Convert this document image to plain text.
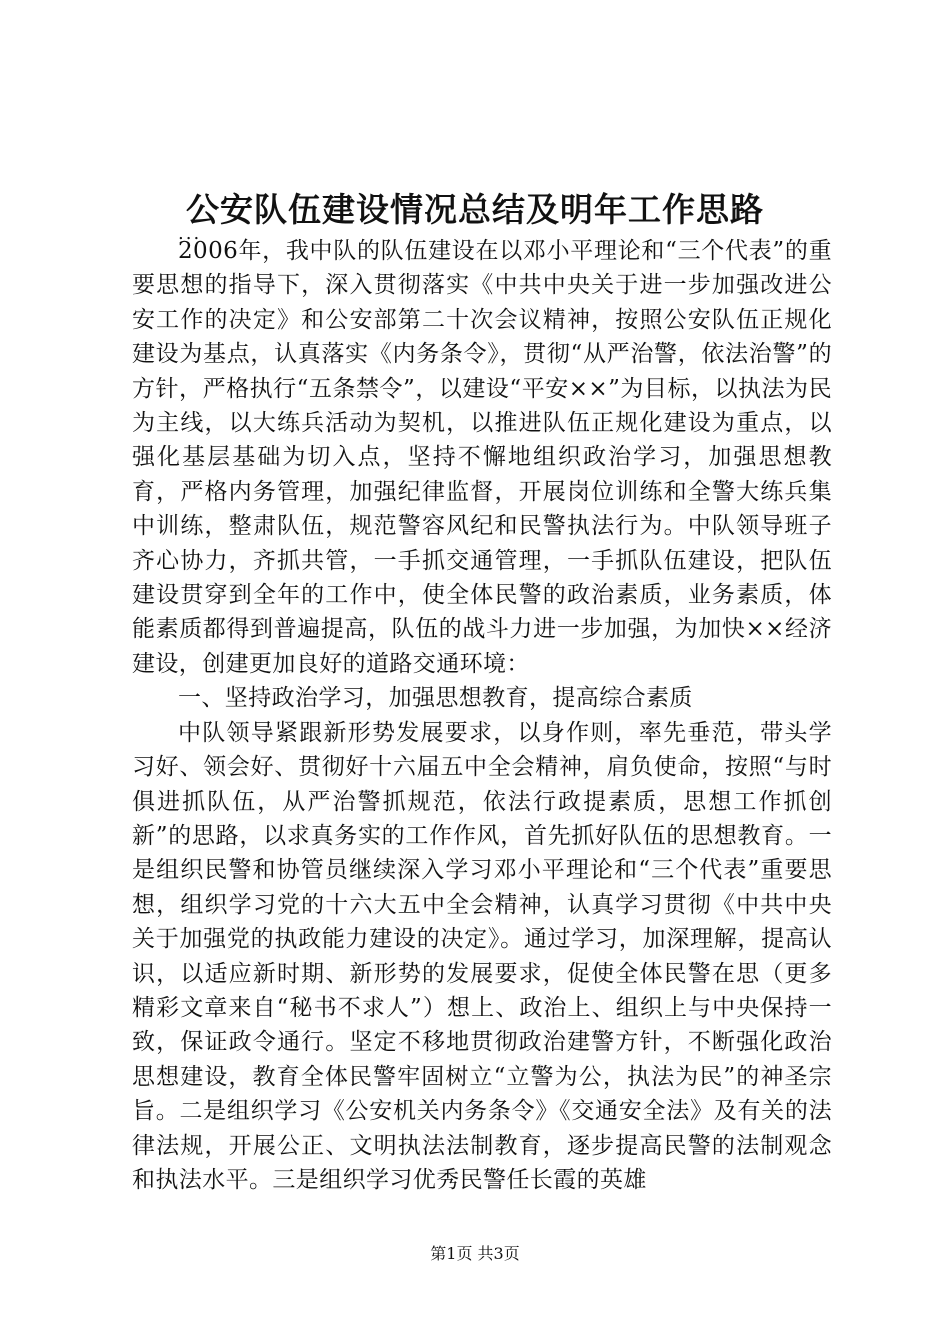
公安队伍建设情况总结及明年工作思路
...

2006年，我中队的队伍建设在以邓小平理论和“三个代表”的重要思想的指导下，深入贯彻落实《中共中央关于进一步加强改进公安工作的决定》和公安部第二十次会议精神，按照公安队伍正规化建设为基点，认真落实《内务条令》，贯彻“从严治警，依法治警”的方针，严格执行“五条禁令”，以建设“平安××”为目标，以执法为民为主线，以大练兵活动为契机，以推进队伍正规化建设为重点，以强化基层基础为切入点，坚持不懈地组织政治学习，加强思想教育，严格内务管理，加强纪律监督，开展岗位训练和全警大练兵集中训练，整肃队伍，规范警容风纪和民警执法行为。中队领导班子齐心协力，齐抓共管，一手抓交通管理，一手抓队伍建设，把队伍建设贯穿到全年的工作中，使全体民警的政治素质，业务素质，体能素质都得到普遍提高，队伍的战斗力进一步加强，为加快××经济建设，创建更加良好的道路交通环境：

一、坚持政治学习，加强思想教育，提高综合素质

中队领导紧跟新形势发展要求，以身作则，率先垂范，带头学习好、领会好、贯彻好十六届五中全会精神，肩负使命，按照“与时俱进抓队伍，从严治警抓规范，依法行政提素质，思想工作抓创新”的思路，以求真务实的工作作风，首先抓好队伍的思想教育。一是组织民警和协管员继续深入学习邓小平理论和“三个代表”重要思想，组织学习党的十六大五中全会精神，认真学习贯彻《中共中央关于加强党的执政能力建设的决定》。通过学习，加深理解，提高认识，以适应新时期、新形势的发展要求，促使全体民警在思（更多精彩文章来自“秘书不求人”）想上、政治上、组织上与中央保持一致，保证政令通行。坚定不移地贯彻政治建警方针，不断强化政治思想建设，教育全体民警牢固树立“立警为公，执法为民”的神圣宗旨。二是组织学习《公安机关内务条令》《交通安全法》及有关的法律法规，开展公正、文明执法法制教育，逐步提高民警的法制观念和执法水平。三是组织学习优秀民警任长霞的英雄

第1页 共3页
